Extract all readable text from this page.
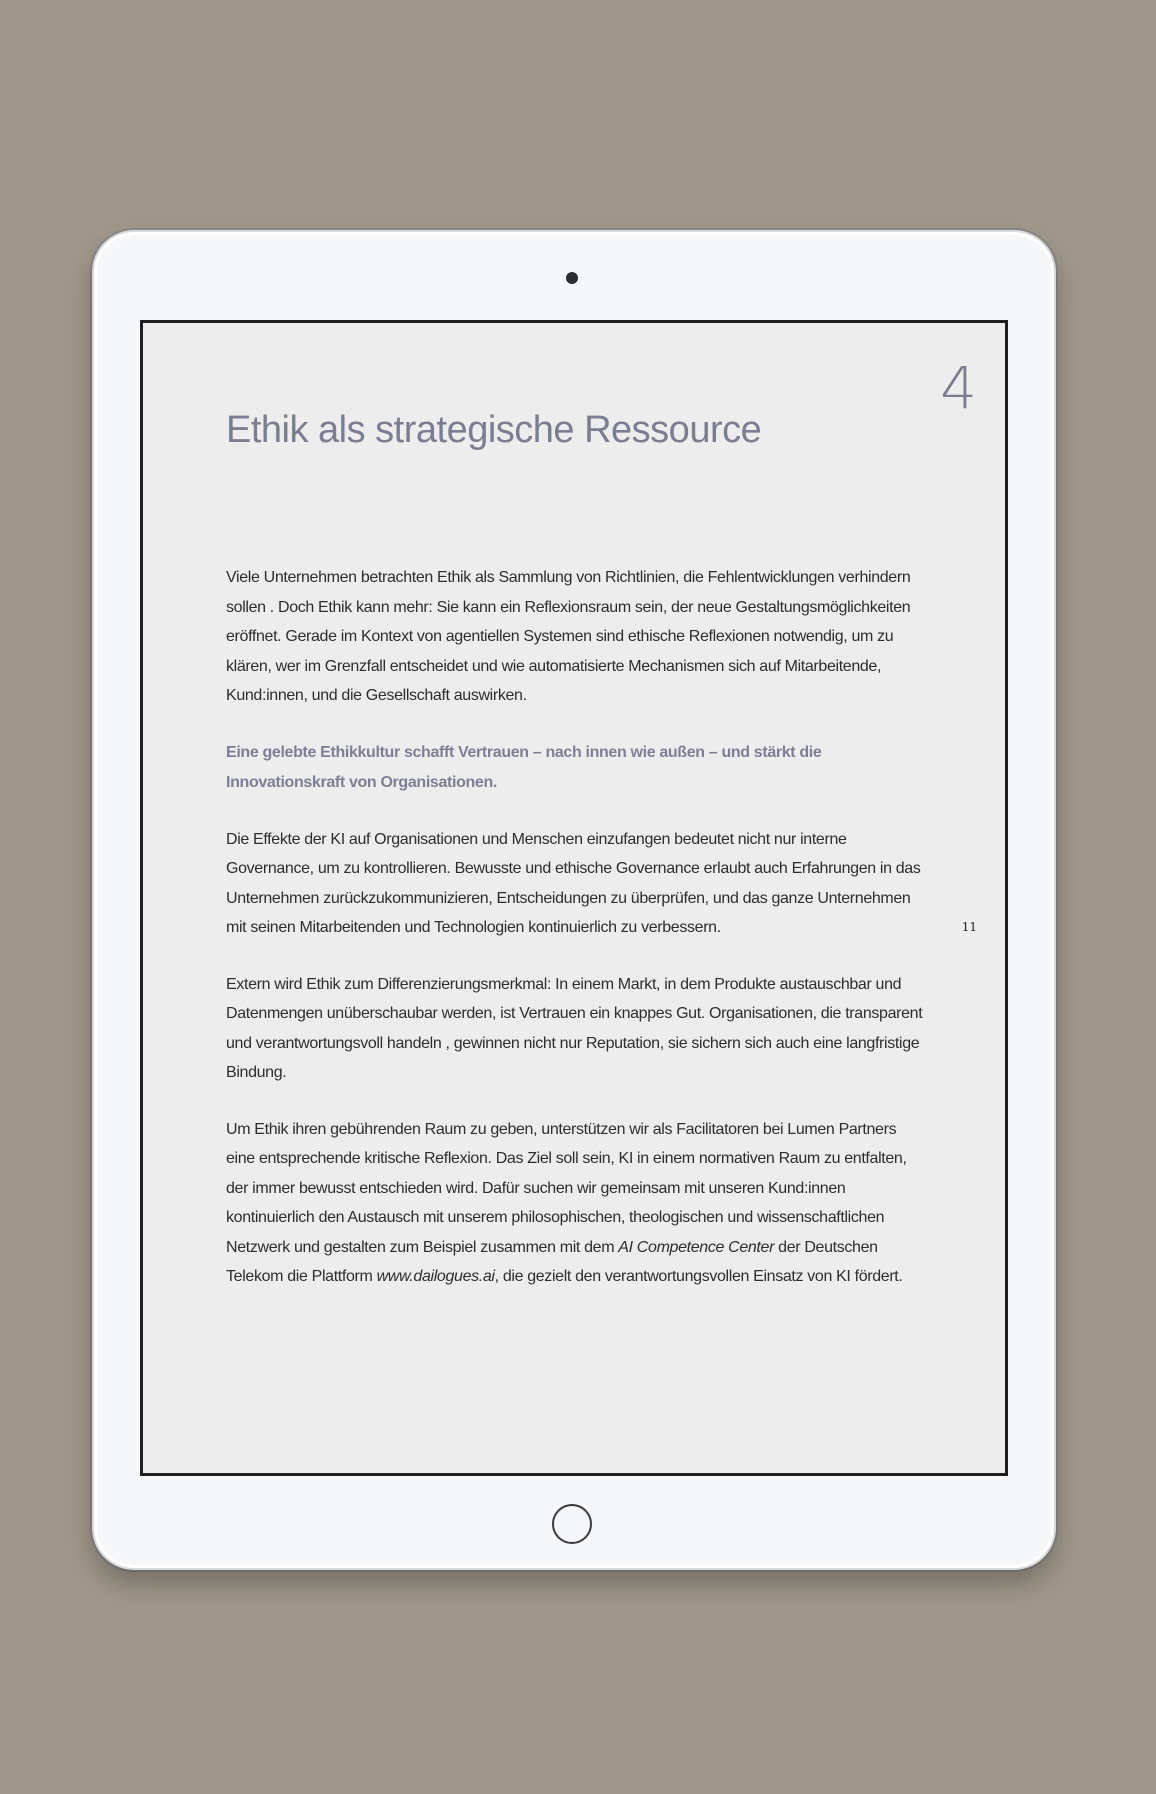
4
Ethik als strategische Ressource

Viele Unternehmen betrachten Ethik als Sammlung von Richtlinien, die Fehlentwicklungen verhindern sollen . Doch Ethik kann mehr: Sie kann ein Reflexionsraum sein, der neue Gestaltungsmöglichkeiten eröffnet. Gerade im Kontext von agentiellen Systemen sind ethische Reflexionen notwendig, um zu klären, wer im Grenzfall entscheidet und wie automatisierte Mechanismen sich auf Mitarbeitende, Kund:innen, und die Gesellschaft auswirken.

Eine gelebte Ethikkultur schafft Vertrauen – nach innen wie außen – und stärkt die Innovationskraft von Organisationen.

Die Effekte der KI auf Organisationen und Menschen einzufangen bedeutet nicht nur interne Governance, um zu kontrollieren. Bewusste und ethische Governance erlaubt auch Erfahrungen in das Unternehmen zurückzukommunizieren, Entscheidungen zu überprüfen, und das ganze Unternehmen mit seinen Mitarbeitenden und Technologien kontinuierlich zu verbessern.

Extern wird Ethik zum Differenzierungsmerkmal: In einem Markt, in dem Produkte austauschbar und Datenmengen unüberschaubar werden, ist Vertrauen ein knappes Gut. Organisationen, die transparent und verantwortungsvoll handeln , gewinnen nicht nur Reputation, sie sichern sich auch eine langfristige Bindung.

Um Ethik ihren gebührenden Raum zu geben, unterstützen wir als Facilitatoren bei Lumen Partners eine entsprechende kritische Reflexion. Das Ziel soll sein, KI in einem normativen Raum zu entfalten, der immer bewusst entschieden wird. Dafür suchen wir gemeinsam mit unseren Kund:innen kontinuierlich den Austausch mit unserem philosophischen, theologischen und wissenschaftlichen Netzwerk und gestalten zum Beispiel zusammen mit dem AI Competence Center der Deutschen Telekom die Plattform www.dailogues.ai, die gezielt den verantwortungsvollen Einsatz von KI fördert.

11
